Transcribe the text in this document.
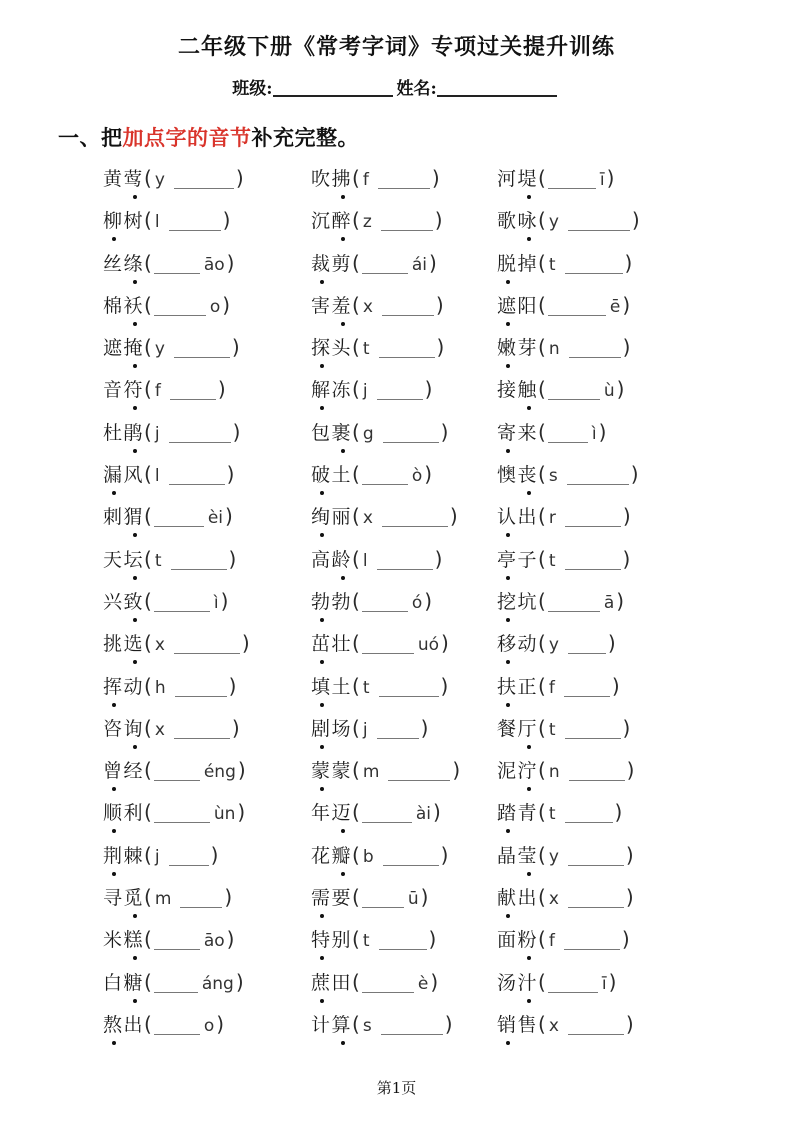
二年级下册《常考字词》专项过关提升训练
班级:	姓名:
一、把加点字的音节补充完整。
黄莺( y	)	吹拂( f	)	河堤(	ī )
柳树( l	)	沉醉( z	)	歌咏( y	)
丝绦(	āo )	裁剪(	ái )	脱掉( t	)
棉袄(	o )	害羞( x	)	遮阳(	ē )
遮掩( y	)	探头( t	)	嫩芽( n	)
音符( f	)	解冻( j	)	接触(	ù )
杜鹃( j	)	包裹( g	)	寄来(	ì )
漏风( l	)	破土(	ò )	懊丧( s	)
刺猬(	èi )	绚丽( x	)	认出( r	)
天坛( t	)	高龄( l	)	亭子( t	)
兴致(	ì )	勃勃(	ó )	挖坑(	ā )
挑选( x	)	茁壮(	uó )	移动( y )
挥动( h	)	填土( t	)	扶正( f	)
咨询( x	)	剧场( j	)	餐厅( t	)
曾经(	éng )	蒙蒙( m	)	泥泞( n	)
顺利(	ùn )	年迈(	ài )	踏青( t	)
荆棘( j	)	花瓣( b	)	晶莹( y	)
寻觅( m	)	需要(	ū )	献出( x	)
米糕(	āo )	特别( t	)	面粉( f	)
白糖(	áng )	蔗田(	è )	汤汁(	ī )
熬出(	o )	计算( s	)	销售( x	)
第1页
